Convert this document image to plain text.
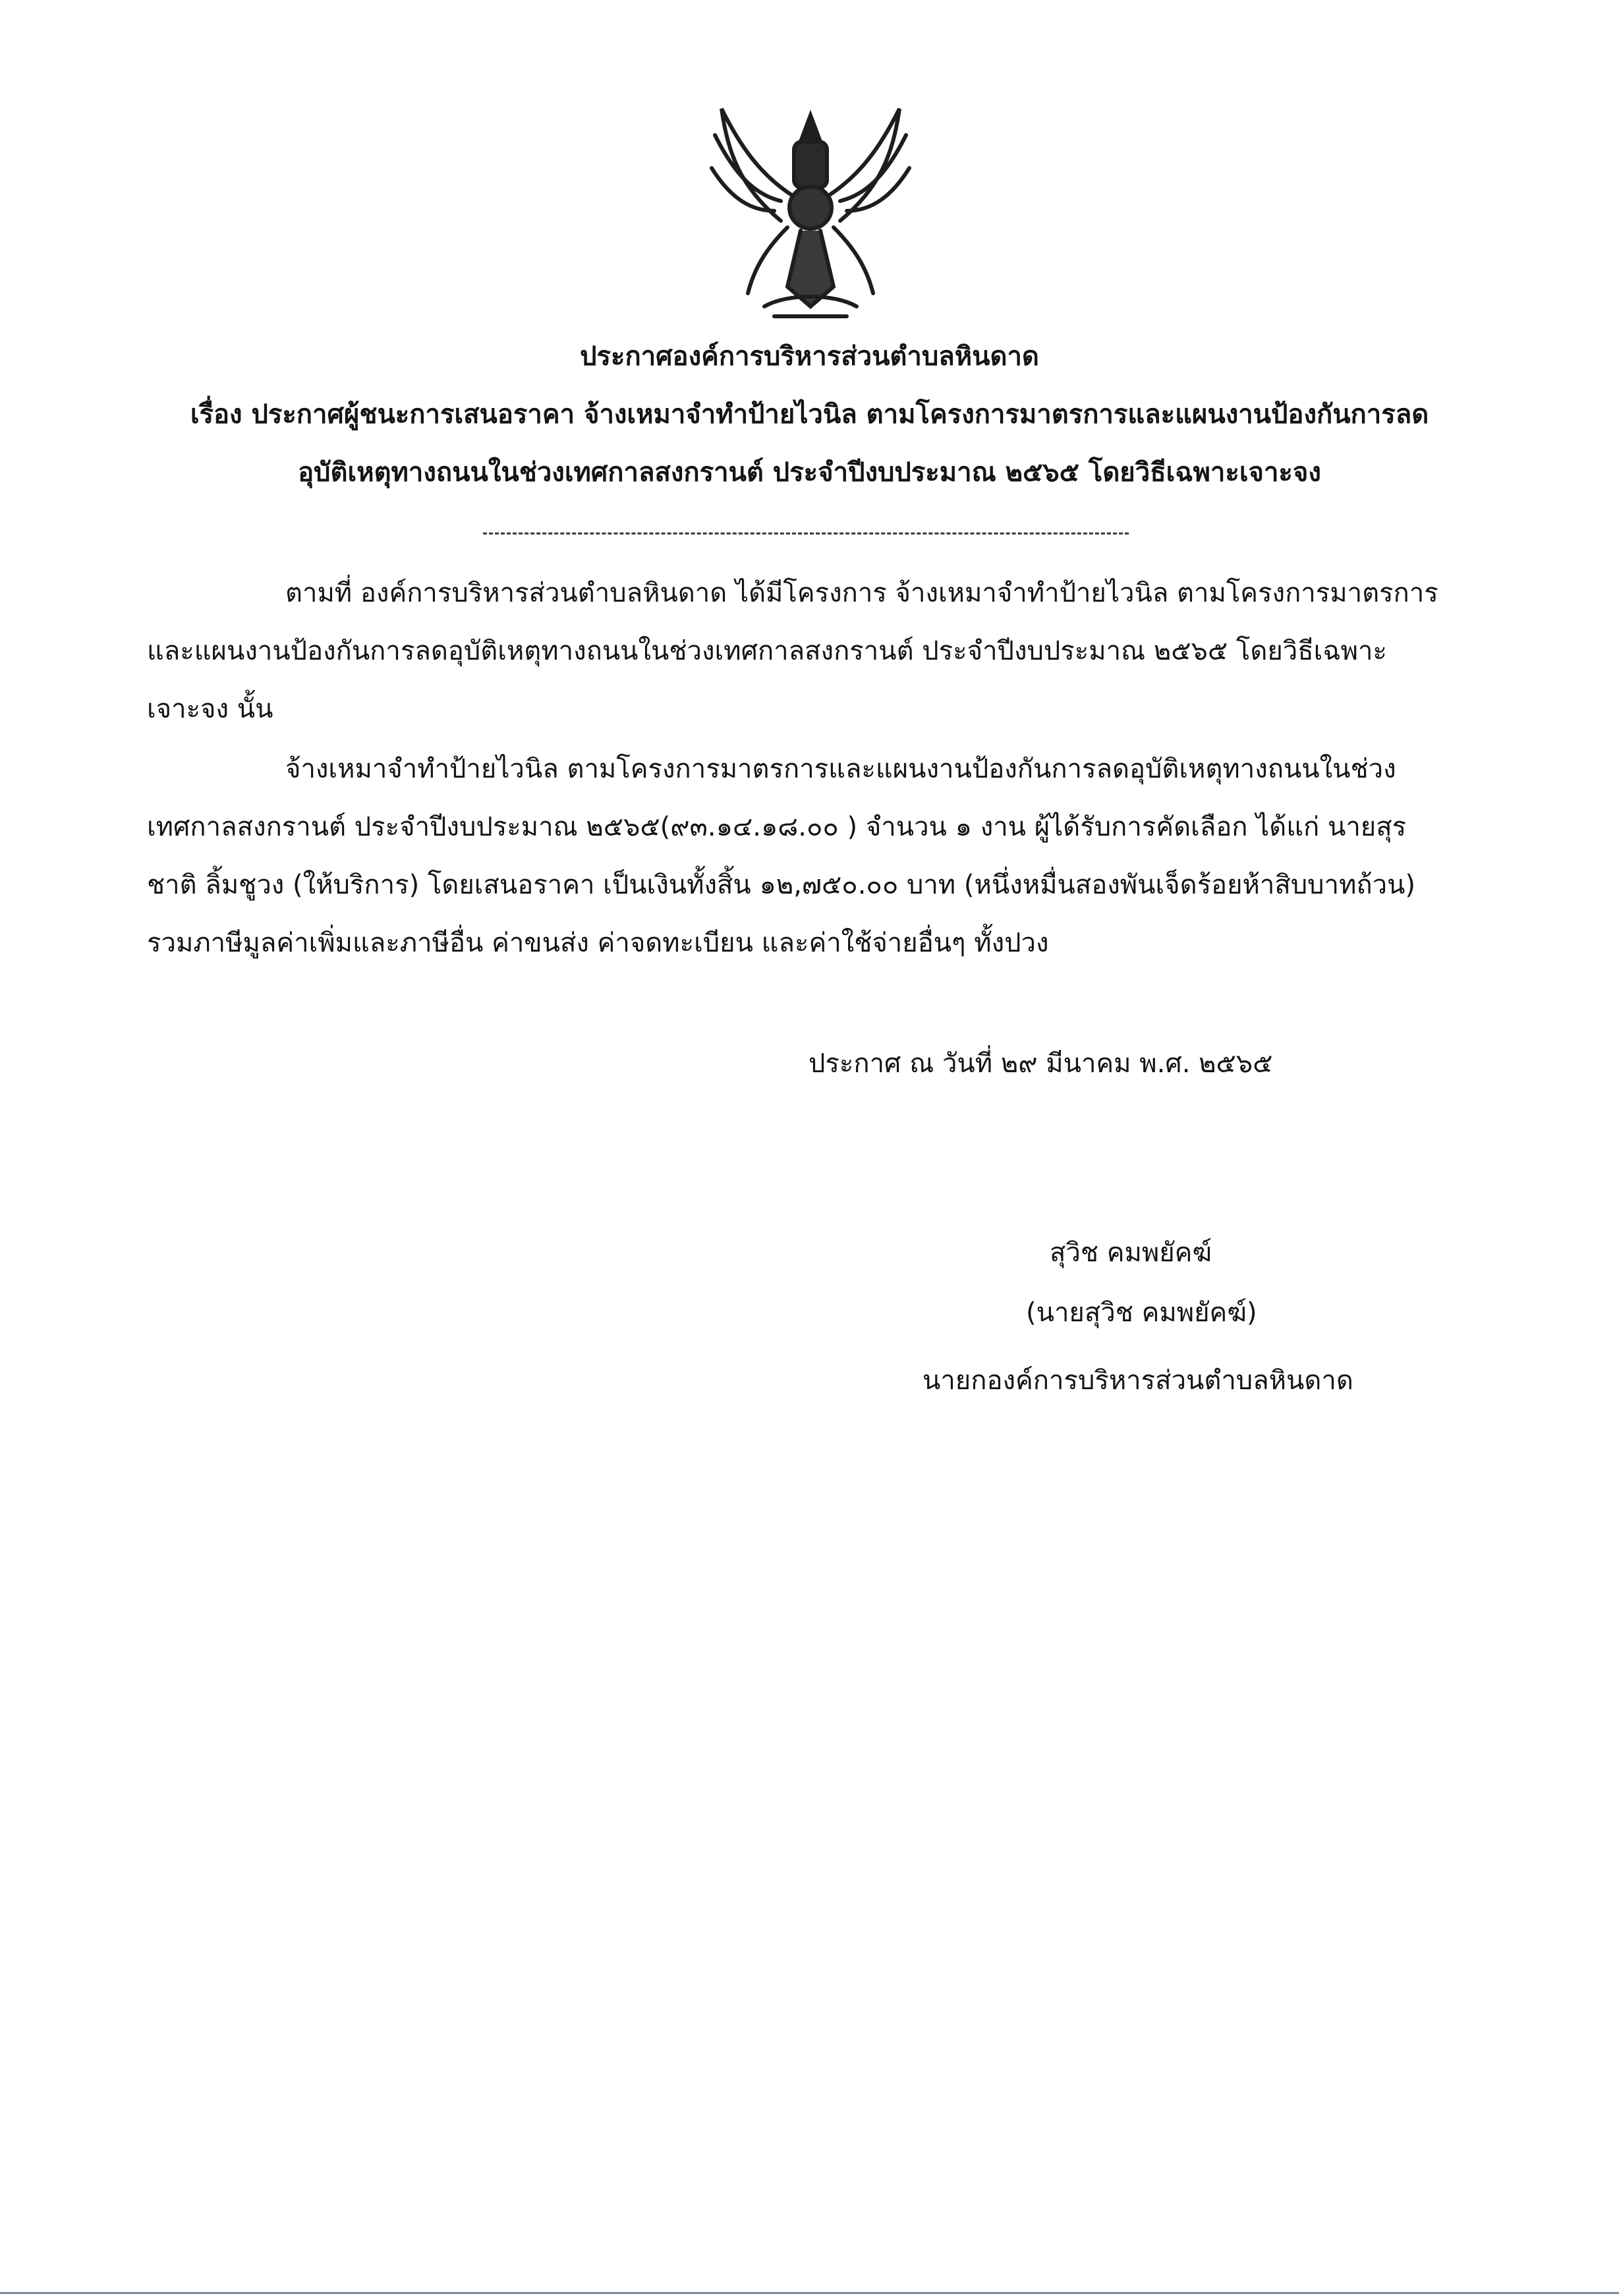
ประกาศองค์การบริหารส่วนตำบลหินดาด
เรื่อง ประกาศผู้ชนะการเสนอราคา จ้างเหมาจำทำป้ายไวนิล ตามโครงการมาตรการและแผนงานป้องกันการลด
อุบัติเหตุทางถนนในช่วงเทศกาลสงกรานต์ ประจำปีงบประมาณ ๒๕๖๕ โดยวิธีเฉพาะเจาะจง
ตามที่ องค์การบริหารส่วนตำบลหินดาด ได้มีโครงการ จ้างเหมาจำทำป้ายไวนิล ตามโครงการมาตรการ
และแผนงานป้องกันการลดอุบัติเหตุทางถนนในช่วงเทศกาลสงกรานต์ ประจำปีงบประมาณ ๒๕๖๕ โดยวิธีเฉพาะ
เจาะจง นั้น
จ้างเหมาจำทำป้ายไวนิล ตามโครงการมาตรการและแผนงานป้องกันการลดอุบัติเหตุทางถนนในช่วง
เทศกาลสงกรานต์ ประจำปีงบประมาณ ๒๕๖๕(๙๓.๑๔.๑๘.๐๐ ) จำนวน ๑ งาน ผู้ได้รับการคัดเลือก ได้แก่ นายสุร
ชาติ ลิ้มชูวง (ให้บริการ) โดยเสนอราคา เป็นเงินทั้งสิ้น ๑๒,๗๕๐.๐๐ บาท (หนึ่งหมื่นสองพันเจ็ดร้อยห้าสิบบาทถ้วน)
รวมภาษีมูลค่าเพิ่มและภาษีอื่น ค่าขนส่ง ค่าจดทะเบียน และค่าใช้จ่ายอื่นๆ ทั้งปวง
ประกาศ ณ วันที่ ๒๙ มีนาคม พ.ศ. ๒๕๖๕
สุวิช คมพยัคฆ์
(นายสุวิช คมพยัคฆ์)
นายกองค์การบริหารส่วนตำบลหินดาด
